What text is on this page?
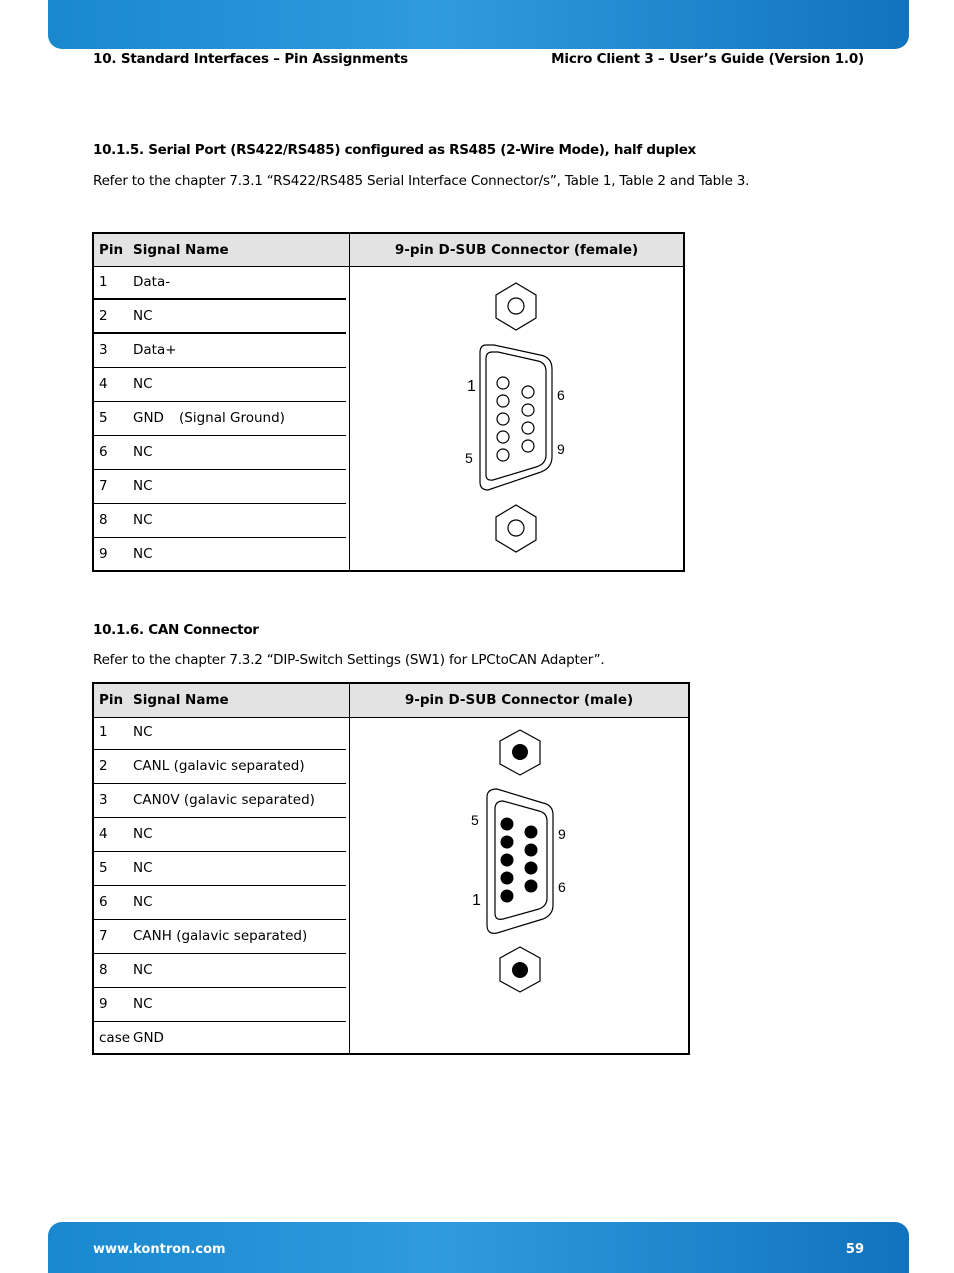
10. Standard Interfaces – Pin Assignments	Micro Client 3 – User’s Guide (Version 1.0)
10.1.5. Serial Port (RS422/RS485) configured as RS485 (2-Wire Mode), half duplex
Refer to the chapter 7.3.1 “RS422/RS485 Serial Interface Connector/s”, Table 1, Table 2 and Table 3.
Pin Signal Name	9-pin D-SUB Connector (female)
1 Data-
2 NC
3 Data+
4 NC
5 GND (Signal Ground)
6 NC
7 NC
8 NC
9 NC
1
5
6
9
10.1.6. CAN Connector
Refer to the chapter 7.3.2 “DIP-Switch Settings (SW1) for LPCtoCAN Adapter”.
Pin Signal Name	9-pin D-SUB Connector (male)
1 NC
2 CANL (galavic separated)
3 CAN0V (galavic separated)
4 NC
5 NC
6 NC
7 CANH (galavic separated)
8 NC
9 NC
case GND
5
1
9
6
www.kontron.com	59
